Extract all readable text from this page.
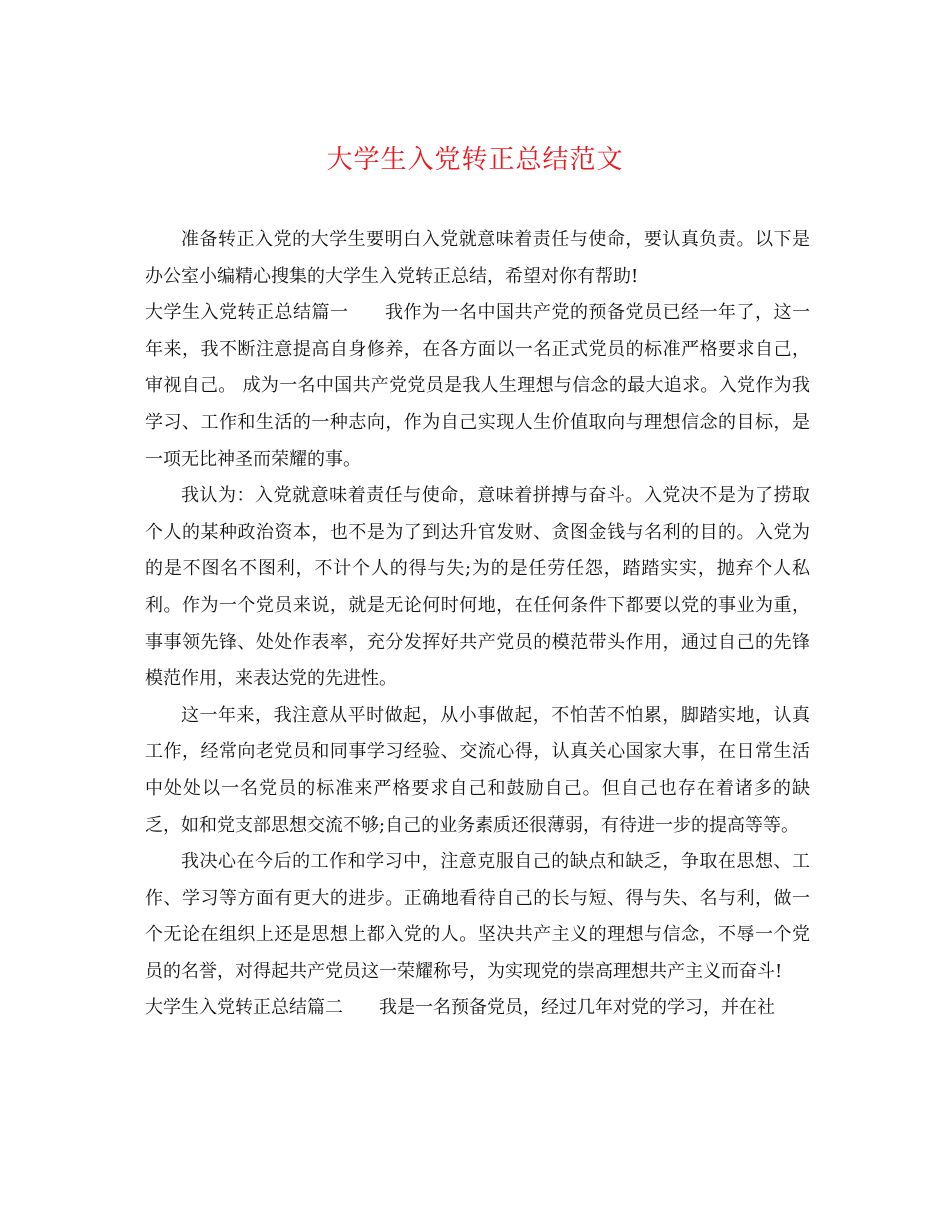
大学生入党转正总结范文

准备转正入党的大学生要明白入党就意味着责任与使命，要认真负责。以下是办公室小编精心搜集的大学生入党转正总结，希望对你有帮助!

大学生入党转正总结篇一 我作为一名中国共产党的预备党员已经一年了，这一年来，我不断注意提高自身修养，在各方面以一名正式党员的标准严格要求自己，审视自己。 成为一名中国共产党党员是我人生理想与信念的最大追求。入党作为我学习、工作和生活的一种志向，作为自己实现人生价值取向与理想信念的目标，是一项无比神圣而荣耀的事。

我认为：入党就意味着责任与使命，意味着拼搏与奋斗。入党决不是为了捞取个人的某种政治资本，也不是为了到达升官发财、贪图金钱与名利的目的。入党为的是不图名不图利，不计个人的得与失;为的是任劳任怨，踏踏实实，抛弃个人私利。作为一个党员来说，就是无论何时何地，在任何条件下都要以党的事业为重，事事领先锋、处处作表率，充分发挥好共产党员的模范带头作用，通过自己的先锋模范作用，来表达党的先进性。

这一年来，我注意从平时做起，从小事做起，不怕苦不怕累，脚踏实地，认真工作，经常向老党员和同事学习经验、交流心得，认真关心国家大事，在日常生活中处处以一名党员的标准来严格要求自己和鼓励自己。但自己也存在着诸多的缺乏，如和党支部思想交流不够;自己的业务素质还很薄弱，有待进一步的提高等等。

我决心在今后的工作和学习中，注意克服自己的缺点和缺乏，争取在思想、工作、学习等方面有更大的进步。正确地看待自己的长与短、得与失、名与利，做一个无论在组织上还是思想上都入党的人。坚决共产主义的理想与信念，不辱一个党员的名誉，对得起共产党员这一荣耀称号，为实现党的崇高理想共产主义而奋斗!

大学生入党转正总结篇二 我是一名预备党员，经过几年对党的学习，并在社
